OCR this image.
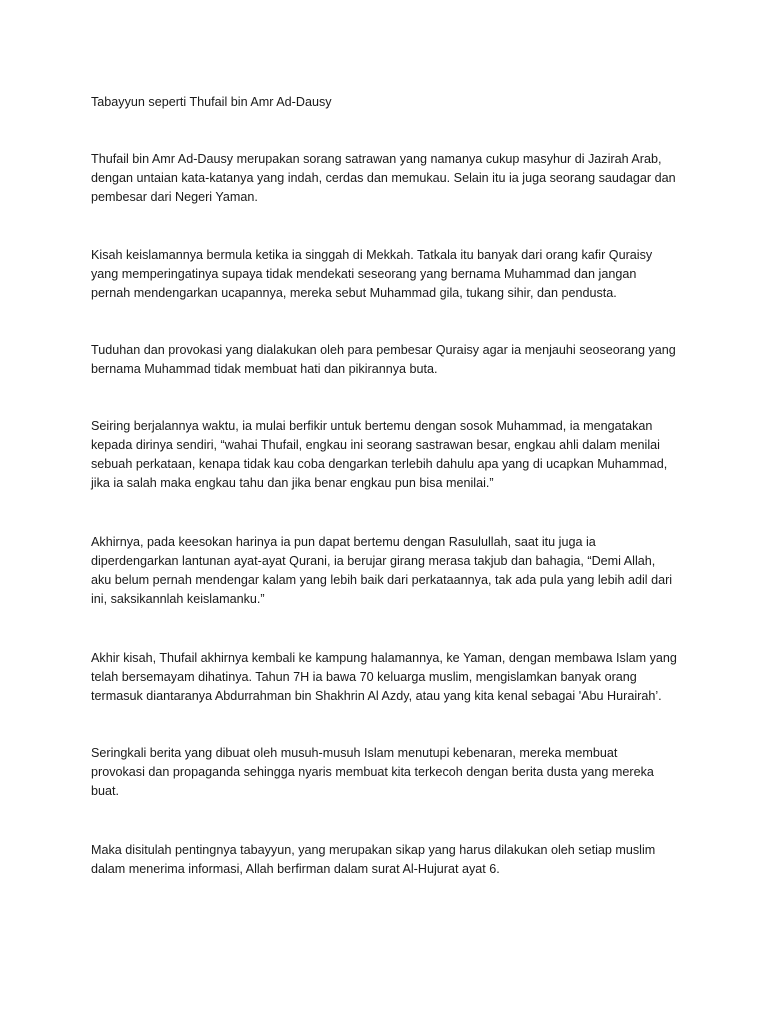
Tabayyun seperti Thufail bin Amr Ad-Dausy

Thufail bin Amr Ad-Dausy merupakan sorang satrawan yang namanya cukup masyhur di Jazirah Arab,
dengan untaian kata-katanya yang indah, cerdas dan memukau. Selain itu ia juga seorang saudagar dan
pembesar dari Negeri Yaman.

Kisah keislamannya bermula ketika ia singgah di Mekkah. Tatkala itu banyak dari orang kafir Quraisy
yang memperingatinya supaya tidak mendekati seseorang yang bernama Muhammad dan jangan
pernah mendengarkan ucapannya, mereka sebut Muhammad gila, tukang sihir, dan pendusta.

Tuduhan dan provokasi yang dialakukan oleh para pembesar Quraisy agar ia menjauhi seoseorang yang
bernama Muhammad tidak membuat hati dan pikirannya buta.

Seiring berjalannya waktu, ia mulai berfikir untuk bertemu dengan sosok Muhammad, ia mengatakan
kepada dirinya sendiri, “wahai Thufail, engkau ini seorang sastrawan besar, engkau ahli dalam menilai
sebuah perkataan, kenapa tidak kau coba dengarkan terlebih dahulu apa yang di ucapkan Muhammad,
jika ia salah maka engkau tahu dan jika benar engkau pun bisa menilai.”

Akhirnya, pada keesokan harinya ia pun dapat bertemu dengan Rasulullah, saat itu juga ia
diperdengarkan lantunan ayat-ayat Qurani, ia berujar girang merasa takjub dan bahagia, “Demi Allah,
aku belum pernah mendengar kalam yang lebih baik dari perkataannya, tak ada pula yang lebih adil dari
ini, saksikannlah keislamanku.”

Akhir kisah, Thufail akhirnya kembali ke kampung halamannya, ke Yaman, dengan membawa Islam yang
telah bersemayam dihatinya. Tahun 7H ia bawa 70 keluarga muslim, mengislamkan banyak orang
termasuk diantaranya Abdurrahman bin Shakhrin Al Azdy, atau yang kita kenal sebagai 'Abu Hurairah’.

Seringkali berita yang dibuat oleh musuh-musuh Islam menutupi kebenaran, mereka membuat
provokasi dan propaganda sehingga nyaris membuat kita terkecoh dengan berita dusta yang mereka
buat.

Maka disitulah pentingnya tabayyun, yang merupakan sikap yang harus dilakukan oleh setiap muslim
dalam menerima informasi, Allah berfirman dalam surat Al-Hujurat ayat 6.
